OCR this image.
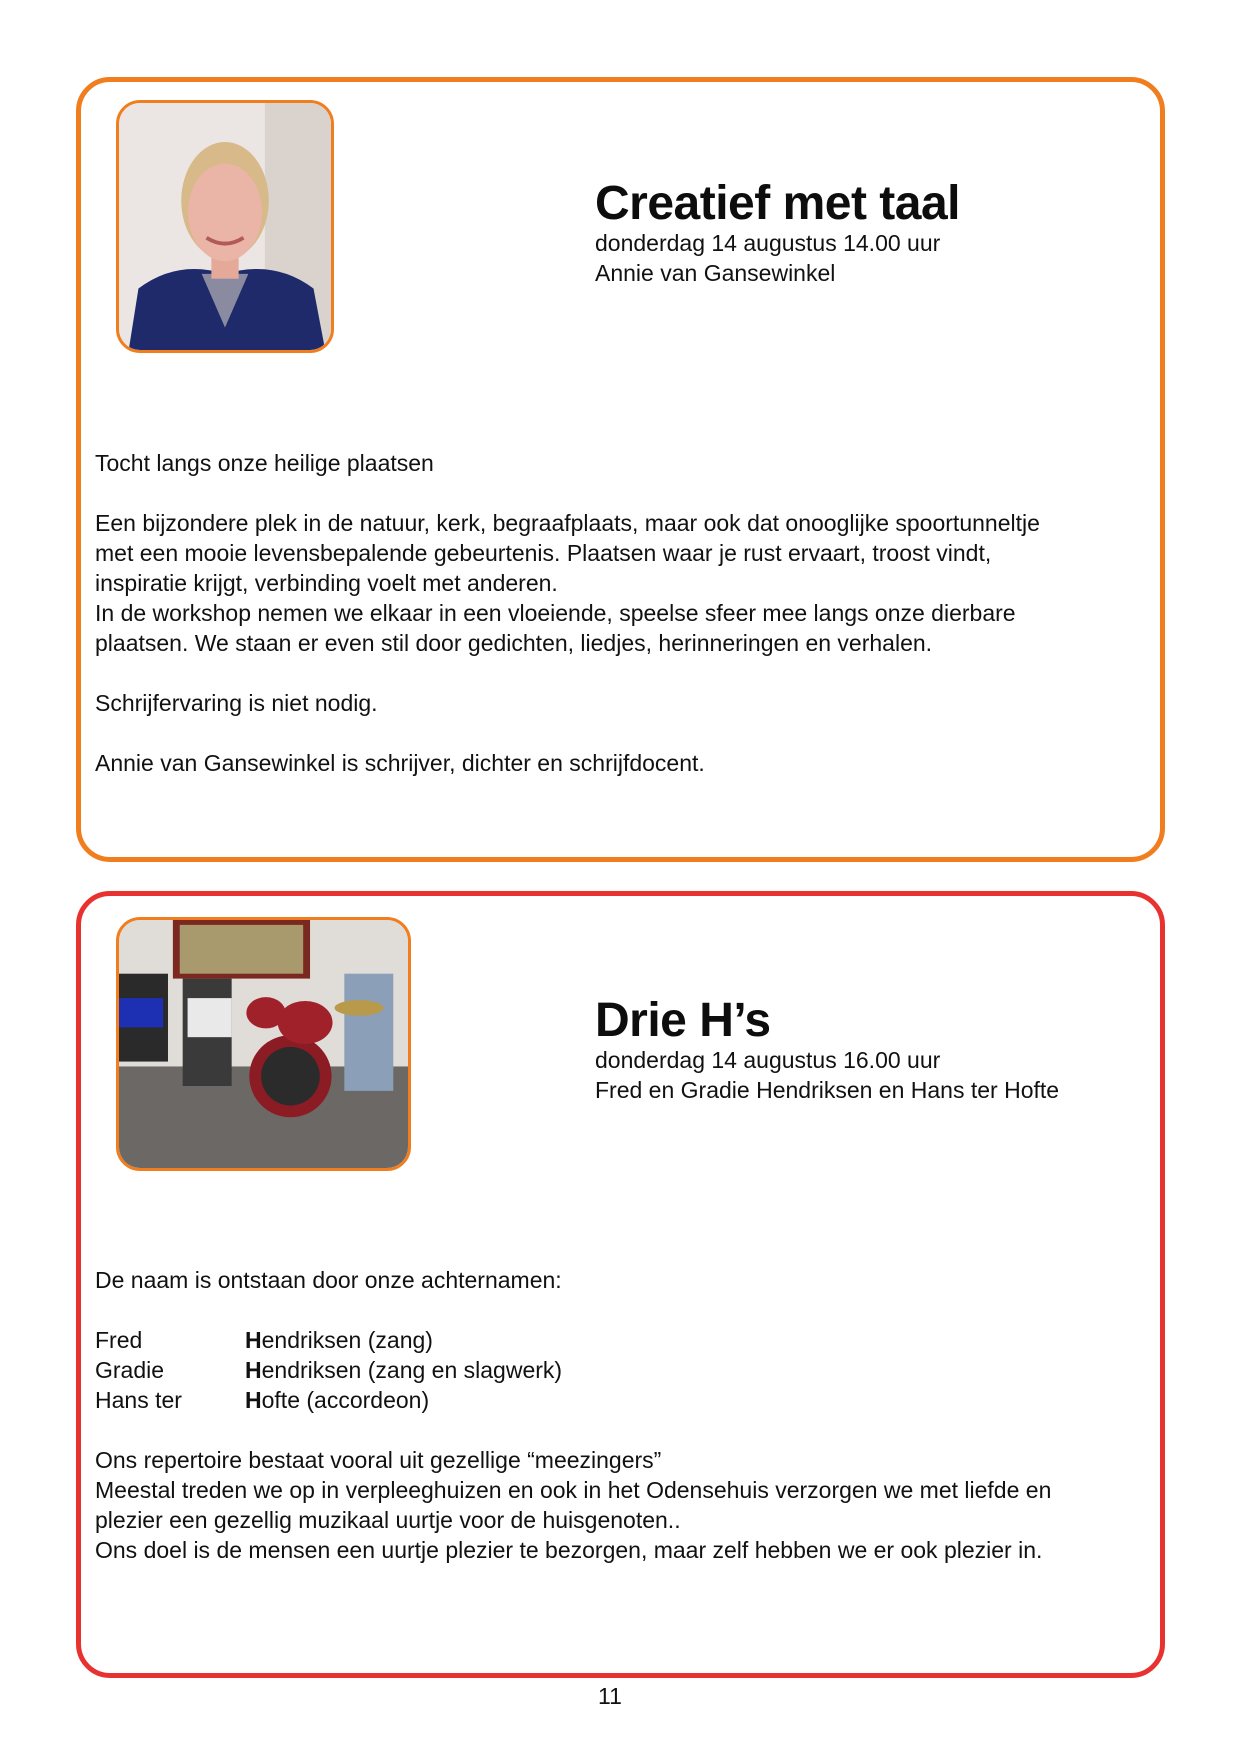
Creatief met taal

donderdag 14 augustus 14.00 uur

Annie van Gansewinkel

Tocht langs onze heilige plaatsen

Een bijzondere plek in de natuur, kerk, begraafplaats, maar ook dat onooglijke spoortunneltje
met een mooie levensbepalende gebeurtenis. Plaatsen waar je rust ervaart, troost vindt,
inspiratie krijgt, verbinding voelt met anderen.
In de workshop nemen we elkaar in een vloeiende, speelse sfeer mee langs onze dierbare
plaatsen. We staan er even stil door gedichten, liedjes, herinneringen en verhalen.

Schrijfervaring is niet nodig.

Annie van Gansewinkel is schrijver, dichter en schrijfdocent.

Drie H’s

donderdag 14 augustus 16.00 uur

Fred en Gradie Hendriksen en Hans ter Hofte

De naam is ontstaan door onze achternamen:

Fred	Hendriksen (zang)
Gradie	Hendriksen (zang en slagwerk)
Hans ter	Hofte (accordeon)
Ons repertoire bestaat vooral uit gezellige “meezingers”
Meestal treden we op in verpleeghuizen en ook in het Odensehuis verzorgen we met liefde en
plezier een gezellig muzikaal uurtje voor de huisgenoten..
Ons doel is de mensen een uurtje plezier te bezorgen, maar zelf hebben we er ook plezier in.
11
